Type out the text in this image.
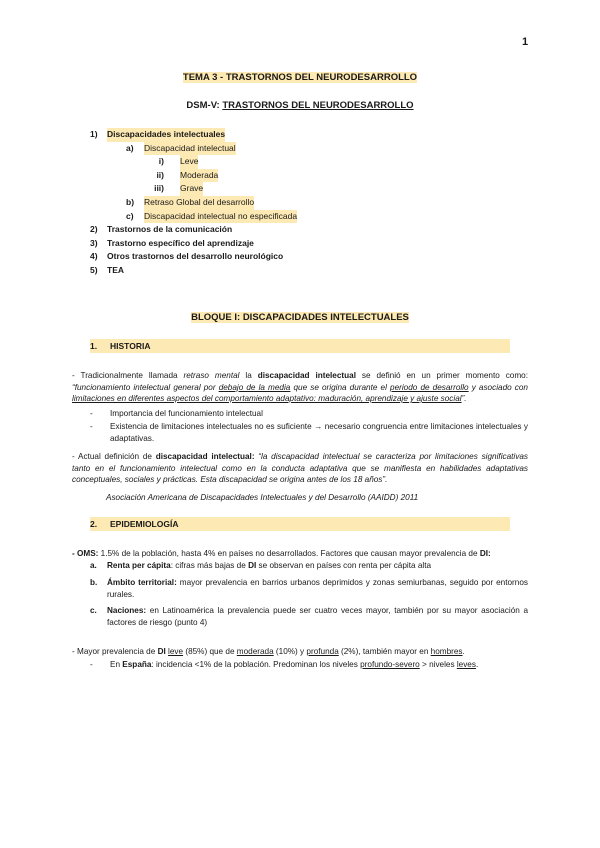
1
TEMA 3 - TRASTORNOS DEL NEURODESARROLLO
DSM-V: TRASTORNOS DEL NEURODESARROLLO
1)	Discapacidades intelectuales
a) Discapacidad intelectual
i) Leve
ii) Moderada
iii) Grave
b) Retraso Global del desarrollo
c) Discapacidad intelectual no especificada
2)	Trastornos de la comunicación
3)	Trastorno específico del aprendizaje
4)	Otros trastornos del desarrollo neurológico
5)	TEA
BLOQUE I: DISCAPACIDADES INTELECTUALES
1. HISTORIA
- Tradicionalmente llamada retraso mental la discapacidad intelectual se definió en un primer momento como: “funcionamiento intelectual general por debajo de la media que se origina durante el periodo de desarrollo y asociado con limitaciones en diferentes aspectos del comportamiento adaptativo: maduración, aprendizaje y ajuste social”.
- Importancia del funcionamiento intelectual
- Existencia de limitaciones intelectuales no es suficiente → necesario congruencia entre limitaciones intelectuales y adaptativas.
- Actual definición de discapacidad intelectual: “la discapacidad intelectual se caracteriza por limitaciones significativas tanto en el funcionamiento intelectual como en la conducta adaptativa que se manifiesta en habilidades adaptativas conceptuales, sociales y prácticas. Esta discapacidad se origina antes de los 18 años”.
Asociación Americana de Discapacidades Intelectuales y del Desarrollo (AAIDD) 2011
2. EPIDEMIOLOGÍA
- OMS: 1.5% de la población, hasta 4% en países no desarrollados. Factores que causan mayor prevalencia de DI:
a. Renta per cápita: cifras más bajas de DI se observan en países con renta per cápita alta
b. Ámbito territorial: mayor prevalencia en barrios urbanos deprimidos y zonas semiurbanas, seguido por entornos rurales.
c. Naciones: en Latinoamérica la prevalencia puede ser cuatro veces mayor, también por su mayor asociación a factores de riesgo (punto 4)
- Mayor prevalencia de DI leve (85%) que de moderada (10%) y profunda (2%), también mayor en hombres.
- En España: incidencia <1% de la población. Predominan los niveles profundo-severo > niveles leves.
